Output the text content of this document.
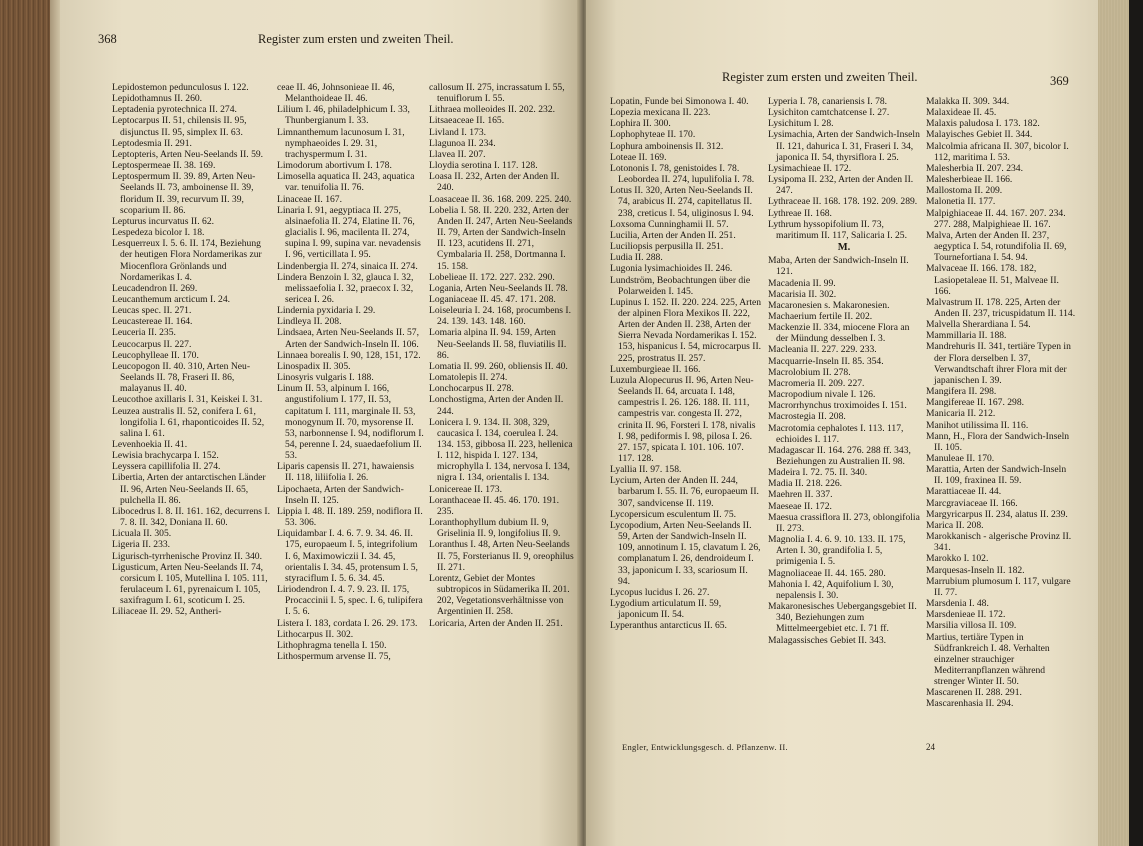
368	Register zum ersten und zweiten Theil.

Lepidostemon pedunculosus I. 122.

Lepidothamnus II. 260.

Leptadenia pyrotechnica II. 274.

Leptocarpus II. 51, chilensis II. 95, disjunctus II. 95, simplex II. 63.

Leptodesmia II. 291.

Leptopteris, Arten Neu-Seelands II. 59.

Leptospermeae II. 38. 169.

Leptospermum II. 39. 89, Arten Neu-Seelands II. 73, amboinense II. 39, floridum II. 39, recurvum II. 39, scoparium II. 86.

Lepturus incurvatus II. 62.

Lespedeza bicolor I. 18.

Lesquerreux I. 5. 6. II. 174, Beziehung der heutigen Flora Nordamerikas zur Miocenflora Grönlands und Nordamerikas I. 4.

Leucadendron II. 269.

Leucanthemum arcticum I. 24.

Leucas spec. II. 271.

Leucastereae II. 164.

Leuceria II. 235.

Leucocarpus II. 227.

Leucophylleae II. 170.

Leucopogon II. 40. 310, Arten Neu-Seelands II. 78, Fraseri II. 86, malayanus II. 40.

Leucothoe axillaris I. 31, Keiskei I. 31.

Leuzea australis II. 52, conifera I. 61, longifolia I. 61, rhaponticoides II. 52, salina I. 61.

Levenhoekia II. 41.

Lewisia brachycarpa I. 152.

Leyssera capillifolia II. 274.

Libertia, Arten der antarctischen Länder II. 96, Arten Neu-Seelands II. 65, pulchella II. 86.

Libocedrus I. 8. II. 161. 162, decurrens I. 7. 8. II. 342, Doniana II. 60.

Licuala II. 305.

Ligeria II. 233.

Ligurisch-tyrrhenische Provinz II. 340.

Ligusticum, Arten Neu-Seelands II. 74, corsicum I. 105, Mutellina I. 105. 111, ferulaceum I. 61, pyrenaicum I. 105, saxifragum I. 61, scoticum I. 25.

Liliaceae II. 29. 52, Antheri-

ceae II. 46, Johnsonieae II. 46, Melanthoideae II. 46.

Lilium I. 46, philadelphicum I. 33, Thunbergianum I. 33.

Limnanthemum lacunosum I. 31, nymphaeoides I. 29. 31, trachyspermum I. 31.

Limodorum abortivum I. 178.

Limosella aquatica II. 243, aquatica var. tenuifolia II. 76.

Linaceae II. 167.

Linaria I. 91, aegyptiaca II. 275, alsinaefolia II. 274, Elatine II. 76, glacialis I. 96, macilenta II. 274, supina I. 99, supina var. nevadensis I. 96, verticillata I. 95.

Lindenbergia II. 274, sinaica II. 274.

Lindera Benzoin I. 32, glauca I. 32, melissaefolia I. 32, praecox I. 32, sericea I. 26.

Lindernia pyxidaria I. 29.

Lindleya II. 208.

Lindsaea, Arten Neu-Seelands II. 57, Arten der Sandwich-Inseln II. 106.

Linnaea borealis I. 90, 128, 151, 172.

Linospadix II. 305.

Linosyris vulgaris I. 188.

Linum II. 53, alpinum I. 166, angustifolium I. 177, II. 53, capitatum I. 111, marginale II. 53, monogynum II. 70, mysorense II. 53, narbonnense I. 94, nodiflorum I. 54, perenne I. 24, suaedaefolium II. 53.

Liparis capensis II. 271, hawaiensis II. 118, liliifolia I. 26.

Lipochaeta, Arten der Sandwich-Inseln II. 125.

Lippia I. 48. II. 189. 259, nodiflora II. 53. 306.

Liquidambar I. 4. 6. 7. 9. 34. 46. II. 175, europaeum I. 5, integrifolium I. 6, Maximowiczii I. 34. 45, orientalis I. 34. 45, protensum I. 5, styraciflum I. 5. 6. 34. 45.

Liriodendron I. 4. 7. 9. 23. II. 175, Procaccinii I. 5, spec. I. 6, tulipifera I. 5. 6.

Listera I. 183, cordata I. 26. 29. 173.

Lithocarpus II. 302.

Lithophragma tenella I. 150.

Lithospermum arvense II. 75,

callosum II. 275, incrassatum I. 55, tenuiflorum I. 55.

Lithraea molleoides II. 202. 232.

Litsaeaceae II. 165.

Livland I. 173.

Llagunoa II. 234.

Llavea II. 207.

Lloydia serotina I. 117. 128.

Loasa II. 232, Arten der Anden II. 240.

Loasaceae II. 36. 168. 209. 225. 240.

Lobelia I. 58. II. 220. 232, Arten der Anden II. 247, Arten Neu-Seelands II. 79, Arten der Sandwich-Inseln II. 123, acutidens II. 271, Cymbalaria II. 258, Dortmanna I. 15. 158.

Lobelieae II. 172. 227. 232. 290.

Logania, Arten Neu-Seelands II. 78.

Loganiaceae II. 45. 47. 171. 208.

Loiseleuria I. 24. 168, procumbens I. 24. 139. 143. 148. 160.

Lomaria alpina II. 94. 159, Arten Neu-Seelands II. 58, fluviatilis II. 86.

Lomatia II. 99. 260, obliensis II. 40.

Lomatolepis II. 274.

Lonchocarpus II. 278.

Lonchostigma, Arten der Anden II. 244.

Lonicera I. 9. 134. II. 308, 329, caucasica I. 134, coerulea I. 24. 134. 153, gibbosa II. 223, hellenica I. 112, hispida I. 127. 134, microphylla I. 134, nervosa I. 134, nigra I. 134, orientalis I. 134.

Lonicereae II. 173.

Loranthaceae II. 45. 46. 170. 191. 235.

Loranthophyllum dubium II. 9, Griselinia II. 9, longifolius II. 9.

Loranthus I. 48, Arten Neu-Seelands II. 75, Forsterianus II. 9, oreophilus II. 271.

Lorentz, Gebiet der Montes subtropicos in Südamerika II. 201. 202, Vegetationsverhältnisse von Argentinien II. 258.

Loricaria, Arten der Anden II. 251.

Register zum ersten und zweiten Theil.	369

Lopatin, Funde bei Simonowa I. 40.

Lopezia mexicana II. 223.

Lophira II. 300.

Lophophyteae II. 170.

Lophura amboinensis II. 312.

Loteae II. 169.

Lotononis I. 78, genistoides I. 78. Leobordea II. 274, lupulifolia I. 78.

Lotus II. 320, Arten Neu-Seelands II. 74, arabicus II. 274, capitellatus II. 238, creticus I. 54, uliginosus I. 94.

Loxsoma Cunninghamii II. 57.

Lucilia, Arten der Anden II. 251.

Luciliopsis perpusilla II. 251.

Ludia II. 288.

Lugonia lysimachioides II. 246.

Lundström, Beobachtungen über die Polarweiden I. 145.

Lupinus I. 152. II. 220. 224. 225, Arten der alpinen Flora Mexikos II. 222, Arten der Anden II. 238, Arten der Sierra Nevada Nordamerikas I. 152. 153, hispanicus I. 54, microcarpus II. 225, prostratus II. 257.

Luxemburgieae II. 166.

Luzula Alopecurus II. 96, Arten Neu-Seelands II. 64, arcuata I. 148, campestris I. 26. 126. 188. II. 111, campestris var. congesta II. 272, crinita II. 96, Forsteri I. 178, nivalis I. 98, pediformis I. 98, pilosa I. 26. 27. 157, spicata I. 101. 106. 107. 117. 128.

Lyallia II. 97. 158.

Lycium, Arten der Anden II. 244, barbarum I. 55. II. 76, europaeum II. 307, sandvicense II. 119.

Lycopersicum esculentum II. 75.

Lycopodium, Arten Neu-Seelands II. 59, Arten der Sandwich-Inseln II. 109, annotinum I. 15, clavatum I. 26, complanatum I. 26, dendroideum I. 33, japonicum I. 33, scariosum II. 94.

Lycopus lucidus I. 26. 27.

Lygodium articulatum II. 59, japonicum II. 54.

Lyperanthus antarcticus II. 65.

Lyperia I. 78, canariensis I. 78.

Lysichiton camtchatcense I. 27.

Lysichitum I. 28.

Lysimachia, Arten der Sandwich-Inseln II. 121, dahurica I. 31, Fraseri I. 34, japonica II. 54, thyrsiflora I. 25.

Lysimachieae II. 172.

Lysipoma II. 232, Arten der Anden II. 247.

Lythraceae II. 168. 178. 192. 209. 289.

Lythreae II. 168.

Lythrum hyssopifolium II. 73, maritimum II. 117, Salicaria I. 25.

M.

Maba, Arten der Sandwich-Inseln II. 121.

Macadenia II. 99.

Macarisia II. 302.

Macaronesien s. Makaronesien.

Machaerium fertile II. 202.

Mackenzie II. 334, miocene Flora an der Mündung desselben I. 3.

Macleania II. 227. 229. 233.

Macquarrie-Inseln II. 85. 354.

Macrolobium II. 278.

Macromeria II. 209. 227.

Macropodium nivale I. 126.

Macrorrhynchus troximoides I. 151.

Macrostegia II. 208.

Macrotomia cephalotes I. 113. 117, echioides I. 117.

Madagascar II. 164. 276. 288 ff. 343, Beziehungen zu Australien II. 98.

Madeira I. 72. 75. II. 340.

Madia II. 218. 226.

Maehren II. 337.

Maeseae II. 172.

Maesua crassiflora II. 273, oblongifolia II. 273.

Magnolia I. 4. 6. 9. 10. 133. II. 175, Arten I. 30, grandifolia I. 5, primigenia I. 5.

Magnoliaceae II. 44. 165. 280.

Mahonia I. 42, Aquifolium I. 30, nepalensis I. 30.

Makaronesisches Uebergangsgebiet II. 340, Beziehungen zum Mittelmeergebiet etc. I. 71 ff.

Malagassisches Gebiet II. 343.

Malakka II. 309. 344.

Malaxideae II. 45.

Malaxis paludosa I. 173. 182.

Malayisches Gebiet II. 344.

Malcolmia africana II. 307, bicolor I. 112, maritima I. 53.

Malesherbia II. 207. 234.

Malesherbieae II. 166.

Mallostoma II. 209.

Malonetia II. 177.

Malpighiaceae II. 44. 167. 207. 234. 277. 288, Malpighieae II. 167.

Malva, Arten der Anden II. 237, aegyptica I. 54, rotundifolia II. 69, Tournefortiana I. 54. 94.

Malvaceae II. 166. 178. 182, Lasiopetaleae II. 51, Malveae II. 166.

Malvastrum II. 178. 225, Arten der Anden II. 237, tricuspidatum II. 114.

Malvella Sherardiana I. 54.

Mammillaria II. 188.

Mandrehuris II. 341, tertiäre Typen in der Flora derselben I. 37, Verwandtschaft ihrer Flora mit der japanischen I. 39.

Mangifera II. 298.

Mangifereae II. 167. 298.

Manicaria II. 212.

Manihot utilissima II. 116.

Mann, H., Flora der Sandwich-Inseln II. 105.

Manuleae II. 170.

Marattia, Arten der Sandwich-Inseln II. 109, fraxinea II. 59.

Marattiaceae II. 44.

Marcgraviaceae II. 166.

Margyricarpus II. 234, alatus II. 239.

Marica II. 208.

Marokkanisch - algerische Provinz II. 341.

Marokko I. 102.

Marquesas-Inseln II. 182.

Marrubium plumosum I. 117, vulgare II. 77.

Marsdenia I. 48.

Marsdenieae II. 172.

Marsilia villosa II. 109.

Martius, tertiäre Typen in Südfrankreich I. 48. Verhalten einzelner strauchiger Mediterranpflanzen während strenger Winter II. 50.

Mascarenen II. 288. 291.

Mascarenhasia II. 294.

Engler, Entwicklungsgesch. d. Pflanzenw. II.	24
